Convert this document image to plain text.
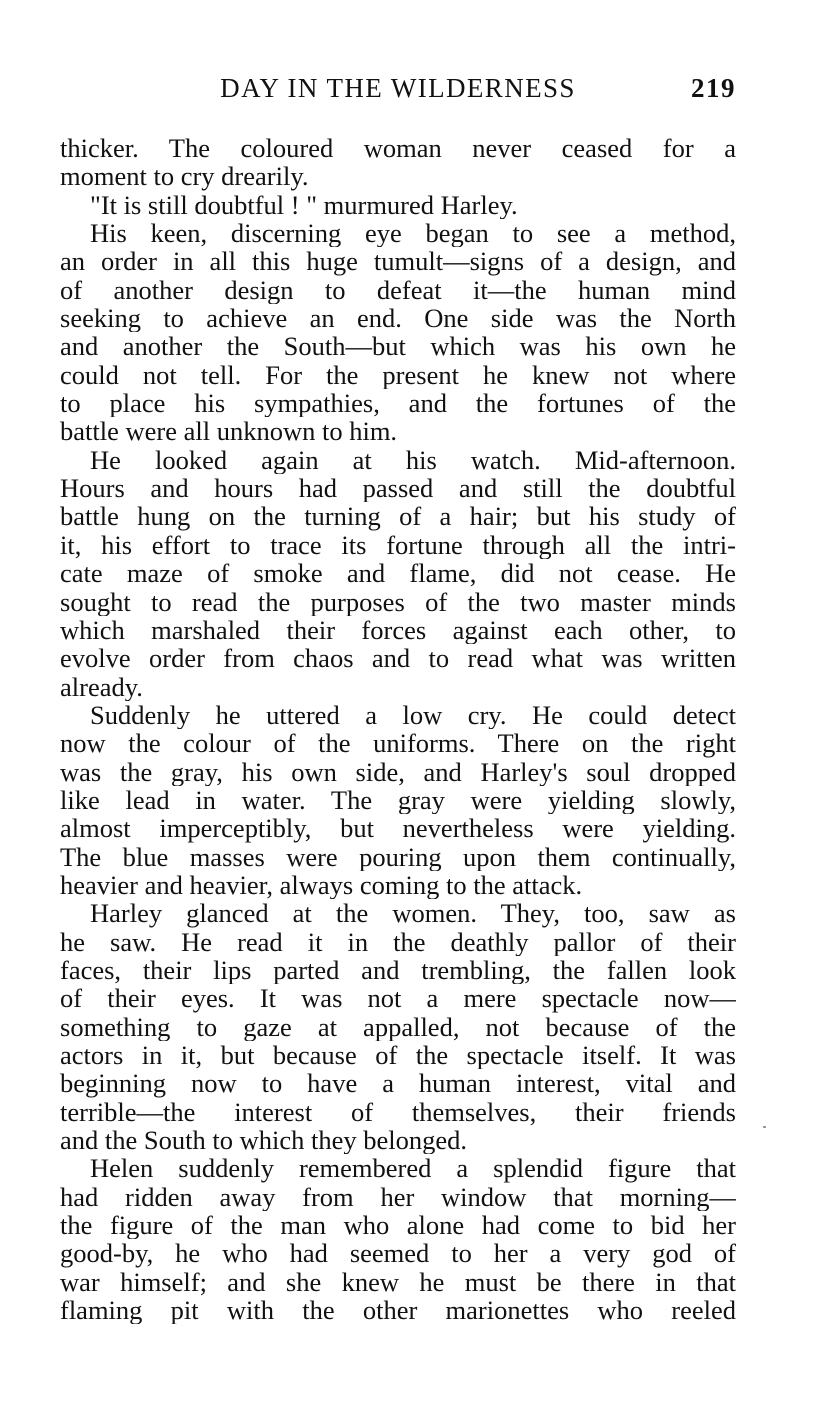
DAY IN THE WILDERNESS	219
thicker. The coloured woman never ceased for a
moment to cry drearily.
"It is still doubtful ! " murmured Harley.
His keen, discerning eye began to see a method,
an order in all this huge tumult—signs of a design, and
of another design to defeat it—the human mind
seeking to achieve an end. One side was the North
and another the South—but which was his own he
could not tell. For the present he knew not where
to place his sympathies, and the fortunes of the
battle were all unknown to him.
He looked again at his watch. Mid-afternoon.
Hours and hours had passed and still the doubtful
battle hung on the turning of a hair; but his study of
it, his effort to trace its fortune through all the intri-
cate maze of smoke and flame, did not cease. He
sought to read the purposes of the two master minds
which marshaled their forces against each other, to
evolve order from chaos and to read what was written
already.
Suddenly he uttered a low cry. He could detect
now the colour of the uniforms. There on the right
was the gray, his own side, and Harley's soul dropped
like lead in water. The gray were yielding slowly,
almost imperceptibly, but nevertheless were yielding.
The blue masses were pouring upon them continually,
heavier and heavier, always coming to the attack.
Harley glanced at the women. They, too, saw as
he saw. He read it in the deathly pallor of their
faces, their lips parted and trembling, the fallen look
of their eyes. It was not a mere spectacle now—
something to gaze at appalled, not because of the
actors in it, but because of the spectacle itself. It was
beginning now to have a human interest, vital and
terrible—the interest of themselves, their friends
and the South to which they belonged.
Helen suddenly remembered a splendid figure that
had ridden away from her window that morning—
the figure of the man who alone had come to bid her
good-by, he who had seemed to her a very god of
war himself; and she knew he must be there in that
flaming pit with the other marionettes who reeled
